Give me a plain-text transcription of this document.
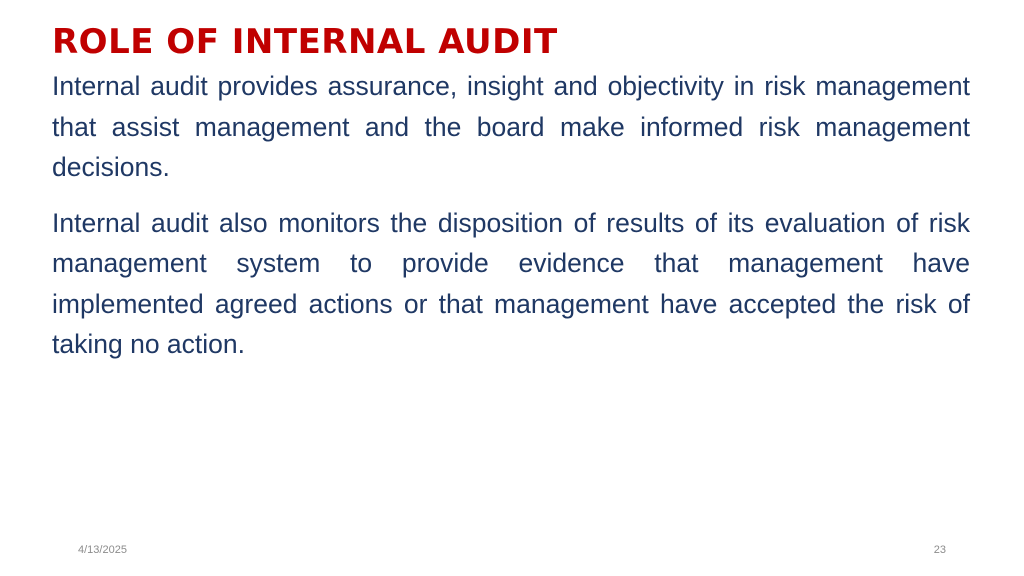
ROLE OF INTERNAL AUDIT

Internal audit provides assurance, insight and objectivity in risk management that assist management and the board make informed risk management decisions.

Internal audit also monitors the disposition of results of its evaluation of risk management system to provide evidence that management have implemented agreed actions or that management have accepted the risk of taking no action.

4/13/2025	23
